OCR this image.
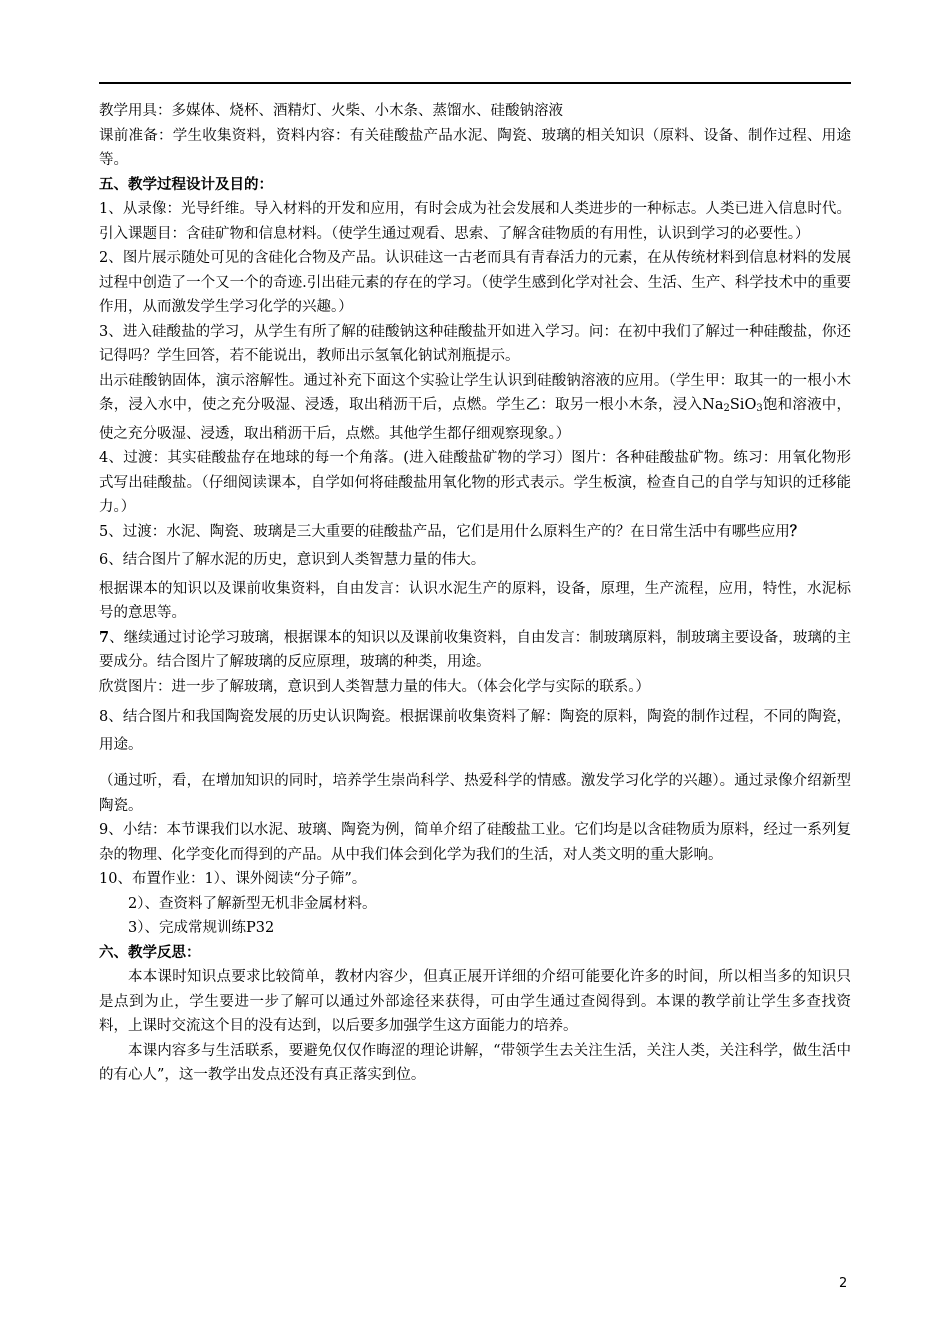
教学用具：多媒体、烧杯、酒精灯、火柴、小木条、蒸馏水、硅酸钠溶液

课前准备：学生收集资料，资料内容：有关硅酸盐产品水泥、陶瓷、玻璃的相关知识（原料、设备、制作过程、用途等。

五、教学过程设计及目的：

1、从录像：光导纤维。导入材料的开发和应用，有时会成为社会发展和人类进步的一种标志。人类已进入信息时代。引入课题目：含硅矿物和信息材料。（使学生通过观看、思索、了解含硅物质的有用性，认识到学习的必要性。）

2、图片展示随处可见的含硅化合物及产品。认识硅这一古老而具有青春活力的元素，在从传统材料到信息材料的发展过程中创造了一个又一个的奇迹.引出硅元素的存在的学习。（使学生感到化学对社会、生活、生产、科学技术中的重要作用，从而激发学生学习化学的兴趣。）

3、进入硅酸盐的学习，从学生有所了解的硅酸钠这种硅酸盐开如进入学习。问：在初中我们了解过一种硅酸盐，你还记得吗？学生回答，若不能说出，教师出示氢氧化钠试剂瓶提示。

出示硅酸钠固体，演示溶解性。通过补充下面这个实验让学生认识到硅酸钠溶液的应用。（学生甲：取其一的一根小木条，浸入水中，使之充分吸湿、浸透，取出稍沥干后，点燃。学生乙：取另一根小木条，浸入$Na_2SiO_3$饱和溶液中，使之充分吸湿、浸透，取出稍沥干后，点燃。其他学生都仔细观察现象。）

4、过渡：其实硅酸盐存在地球的每一个角落。(进入硅酸盐矿物的学习）图片：各种硅酸盐矿物。练习：用氧化物形式写出硅酸盐。（仔细阅读课本，自学如何将硅酸盐用氧化物的形式表示。学生板演，检查自己的自学与知识的迁移能力。）

5、过渡：水泥、陶瓷、玻璃是三大重要的硅酸盐产品，它们是用什么原料生产的？在日常生活中有哪些应用？

6、结合图片了解水泥的历史，意识到人类智慧力量的伟大。

根据课本的知识以及课前收集资料，自由发言：认识水泥生产的原料，设备，原理，生产流程，应用，特性，水泥标号的意思等。

7、继续通过讨论学习玻璃，根据课本的知识以及课前收集资料，自由发言：制玻璃原料，制玻璃主要设备，玻璃的主要成分。结合图片了解玻璃的反应原理，玻璃的种类，用途。

欣赏图片：进一步了解玻璃，意识到人类智慧力量的伟大。（体会化学与实际的联系。）

8、结合图片和我国陶瓷发展的历史认识陶瓷。根据课前收集资料了解：陶瓷的原料，陶瓷的制作过程，不同的陶瓷，用途。

（通过听，看，在增加知识的同时，培养学生崇尚科学、热爱科学的情感。激发学习化学的兴趣）。通过录像介绍新型陶瓷。

9、小结：本节课我们以水泥、玻璃、陶瓷为例，简单介绍了硅酸盐工业。它们均是以含硅物质为原料，经过一系列复杂的物理、化学变化而得到的产品。从中我们体会到化学为我们的生活，对人类文明的重大影响。

10、布置作业：1）、课外阅读“分子筛”。

2）、查资料了解新型无机非金属材料。

3）、完成常规训练P32

六、教学反思：

本本课时知识点要求比较简单，教材内容少，但真正展开详细的介绍可能要化许多的时间，所以相当多的知识只是点到为止，学生要进一步了解可以通过外部途径来获得，可由学生通过查阅得到。本课的教学前让学生多查找资料，上课时交流这个目的没有达到，以后要多加强学生这方面能力的培养。

本课内容多与生活联系，要避免仅仅作晦涩的理论讲解，“带领学生去关注生活，关注人类，关注科学，做生活中的有心人”，这一教学出发点还没有真正落实到位。

2
